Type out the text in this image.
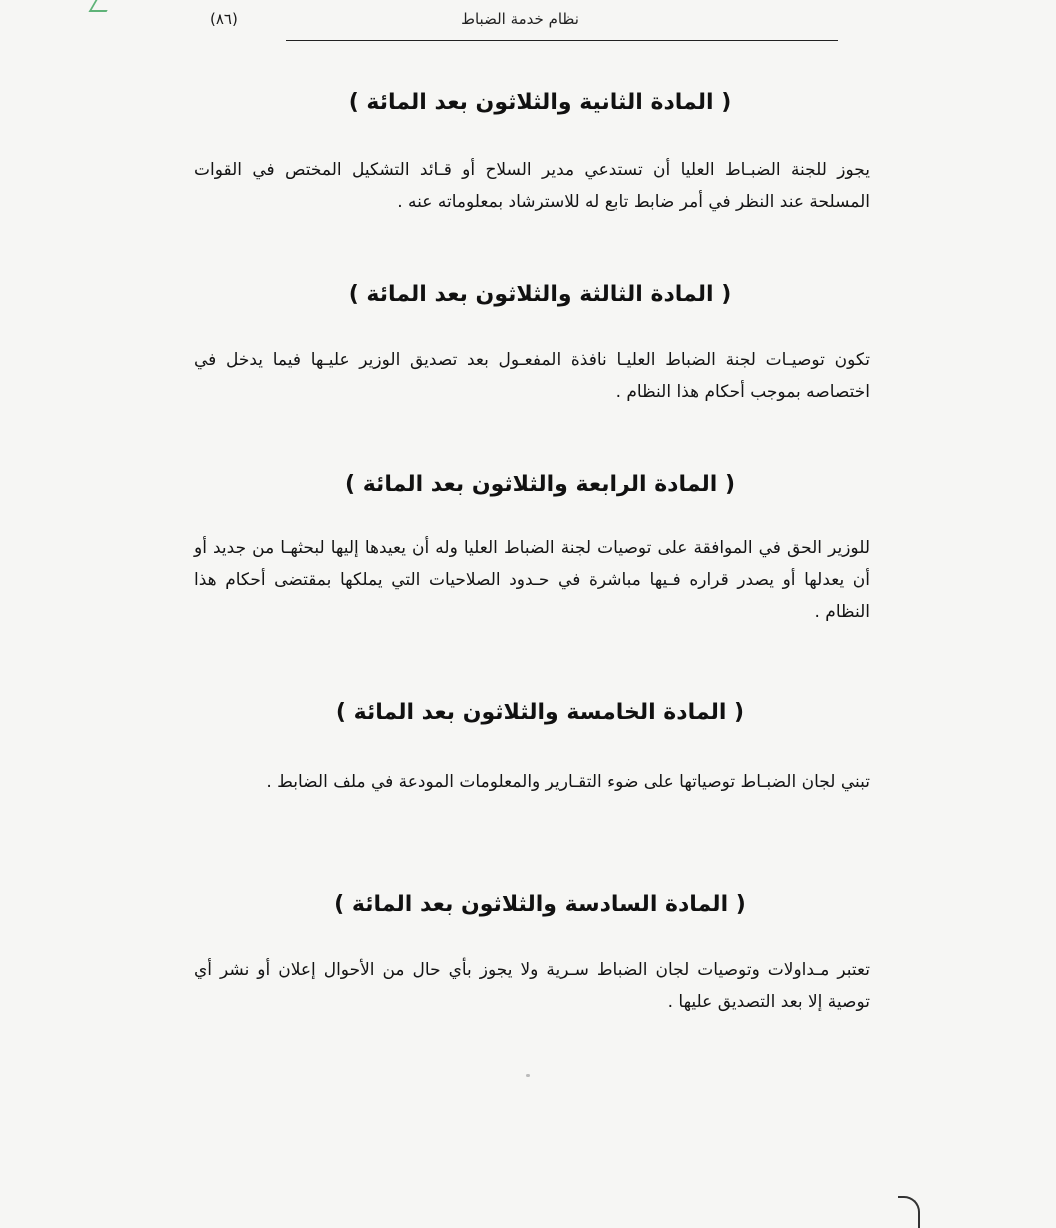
نظام خدمة الضباط
(٨٦)
( المادة الثانية والثلاثون بعد المائة )
يجوز للجنة الضبـاط العليا أن تستدعي مدير السلاح أو قـائد التشكيل المختص في القوات المسلحة عند النظر في أمر ضابط تابع له للاسترشاد بمعلوماته عنه .
( المادة الثالثة والثلاثون بعد المائة )
تكون توصيـات لجنة الضباط العليـا نافذة المفعـول بعد تصديق الوزير عليـها فيما يدخل في اختصاصه بموجب أحكام هذا النظام .
( المادة الرابعة والثلاثون بعد المائة )
للوزير الحق في الموافقة على توصيات لجنة الضباط العليا وله أن يعيدها إليها لبحثهـا من جديد أو أن يعدلها أو يصدر قراره فـيها مباشرة في حـدود الصلاحيات التي يملكها بمقتضى أحكام هذا النظام .
( المادة الخامسة والثلاثون بعد المائة )
تبني لجان الضبـاط توصياتها على ضوء التقـارير والمعلومات المودعة في ملف الضابط .
( المادة السادسة والثلاثون بعد المائة )
تعتبر مـداولات وتوصيات لجان الضباط سـرية ولا يجوز بأي حال من الأحوال إعلان أو نشر أي توصية إلا بعد التصديق عليها .
